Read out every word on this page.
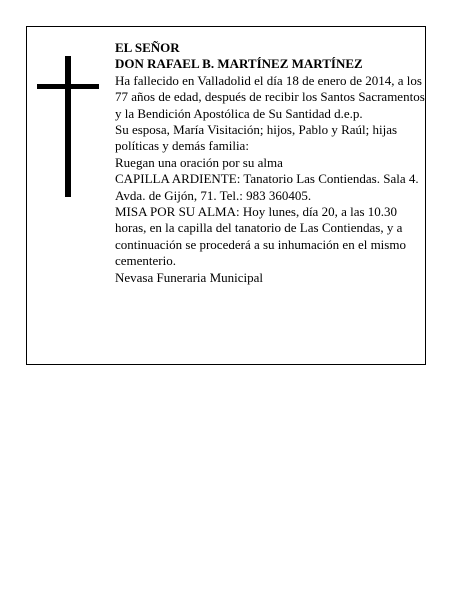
EL SEÑOR

DON RAFAEL B. MARTÍNEZ MARTÍNEZ

Ha fallecido en Valladolid el día 18 de enero de 2014, a los 77 años de edad, después de recibir los Santos Sacramentos y la Bendición Apostólica de Su Santidad d.e.p.

Su esposa, María Visitación; hijos, Pablo y Raúl; hijas políticas y demás familia:

Ruegan una oración por su alma

CAPILLA ARDIENTE: Tanatorio Las Contiendas. Sala 4. Avda. de Gijón, 71. Tel.: 983 360405.

MISA POR SU ALMA: Hoy lunes, día 20, a las 10.30 horas, en la capilla del tanatorio de Las Contiendas, y a continuación se procederá a su inhumación en el mismo cementerio.

Nevasa Funeraria Municipal
